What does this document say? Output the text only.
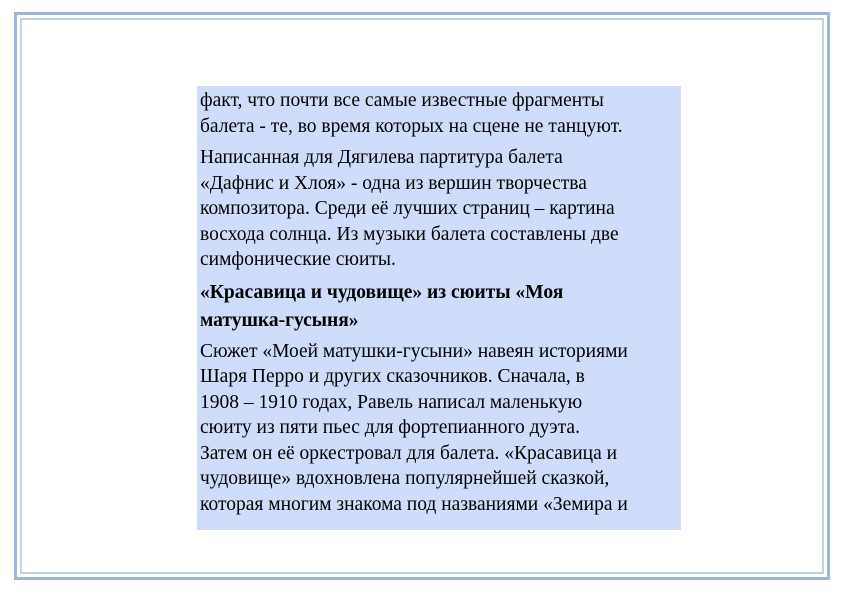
факт, что почти все самые известные фрагменты
балета - те, во время которых на сцене не танцуют.

Написанная для Дягилева партитура балета
«Дафнис и Хлоя» - одна из вершин творчества
композитора. Среди её лучших страниц – картина
восхода солнца. Из музыки балета составлены две
симфонические сюиты.

«Красавица и чудовище» из сюиты «Моя
матушка-гусыня»

Сюжет «Моей матушки-гусыни» навеян историями
Шаря Перро и других сказочников. Сначала, в
1908 – 1910 годах, Равель написал маленькую
сюиту из пяти пьес для фортепианного дуэта.
Затем он её оркестровал для балета. «Красавица и
чудовище» вдохновлена популярнейшей сказкой,
которая многим знакома под названиями «Земира и
